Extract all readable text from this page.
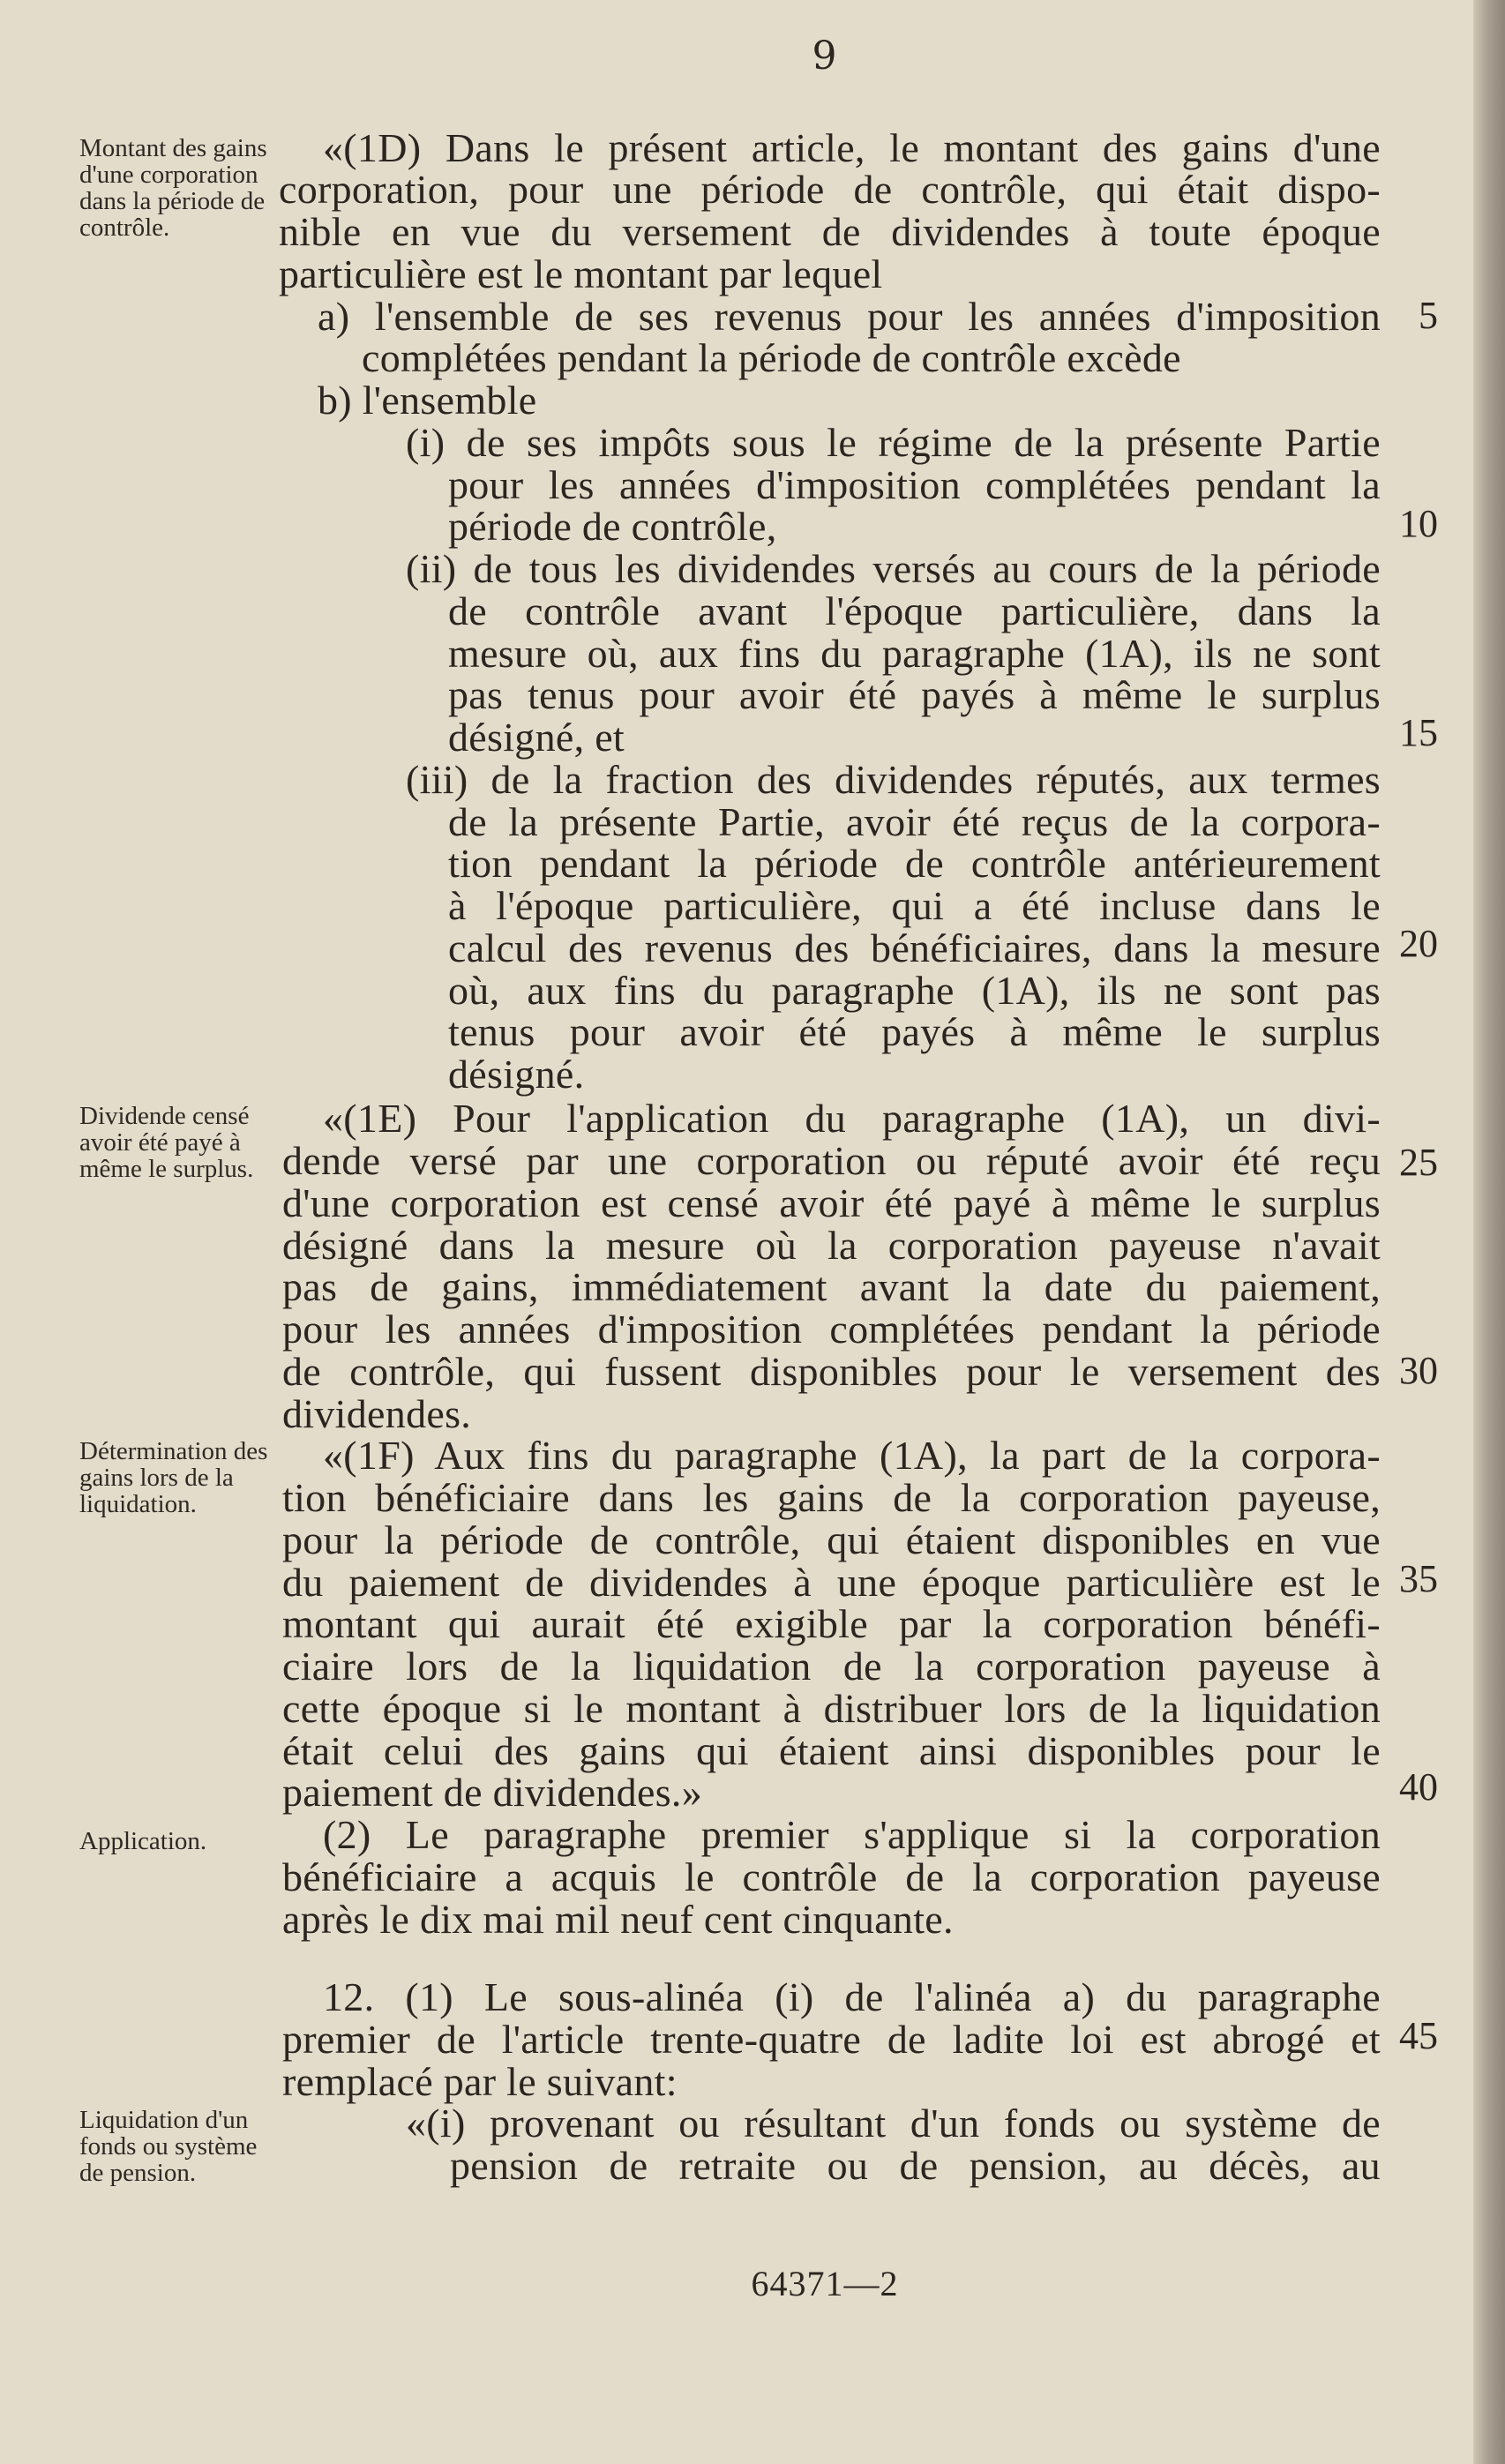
9
Montant des gains d'une corporation dans la période de contrôle.
Dividende censé avoir été payé à même le surplus.
Détermination des gains lors de la liquidation.
Application.
Liquidation d'un fonds ou système de pension.
«(1D) Dans le présent article, le montant des gains d'une
corporation, pour une période de contrôle, qui était dispo-
nible en vue du versement de dividendes à toute époque
particulière est le montant par lequel
a) l'ensemble de ses revenus pour les années d'imposition
complétées pendant la période de contrôle excède
b) l'ensemble
(i) de ses impôts sous le régime de la présente Partie
pour les années d'imposition complétées pendant la
période de contrôle,
(ii) de tous les dividendes versés au cours de la période
de contrôle avant l'époque particulière, dans la
mesure où, aux fins du paragraphe (1A), ils ne sont
pas tenus pour avoir été payés à même le surplus
désigné, et
(iii) de la fraction des dividendes réputés, aux termes
de la présente Partie, avoir été reçus de la corpora-
tion pendant la période de contrôle antérieurement
à l'époque particulière, qui a été incluse dans le
calcul des revenus des bénéficiaires, dans la mesure
où, aux fins du paragraphe (1A), ils ne sont pas
tenus pour avoir été payés à même le surplus
désigné.
«(1E) Pour l'application du paragraphe (1A), un divi-
dende versé par une corporation ou réputé avoir été reçu
d'une corporation est censé avoir été payé à même le surplus
désigné dans la mesure où la corporation payeuse n'avait
pas de gains, immédiatement avant la date du paiement,
pour les années d'imposition complétées pendant la période
de contrôle, qui fussent disponibles pour le versement des
dividendes.
«(1F) Aux fins du paragraphe (1A), la part de la corpora-
tion bénéficiaire dans les gains de la corporation payeuse,
pour la période de contrôle, qui étaient disponibles en vue
du paiement de dividendes à une époque particulière est le
montant qui aurait été exigible par la corporation bénéfi-
ciaire lors de la liquidation de la corporation payeuse à
cette époque si le montant à distribuer lors de la liquidation
était celui des gains qui étaient ainsi disponibles pour le
paiement de dividendes.»
(2) Le paragraphe premier s'applique si la corporation
bénéficiaire a acquis le contrôle de la corporation payeuse
après le dix mai mil neuf cent cinquante.
12. (1) Le sous-alinéa (i) de l'alinéa a) du paragraphe
premier de l'article trente-quatre de ladite loi est abrogé et
remplacé par le suivant:
«(i) provenant ou résultant d'un fonds ou système de
pension de retraite ou de pension, au décès, au
5
10
15
20
25
30
35
40
45
64371—2
